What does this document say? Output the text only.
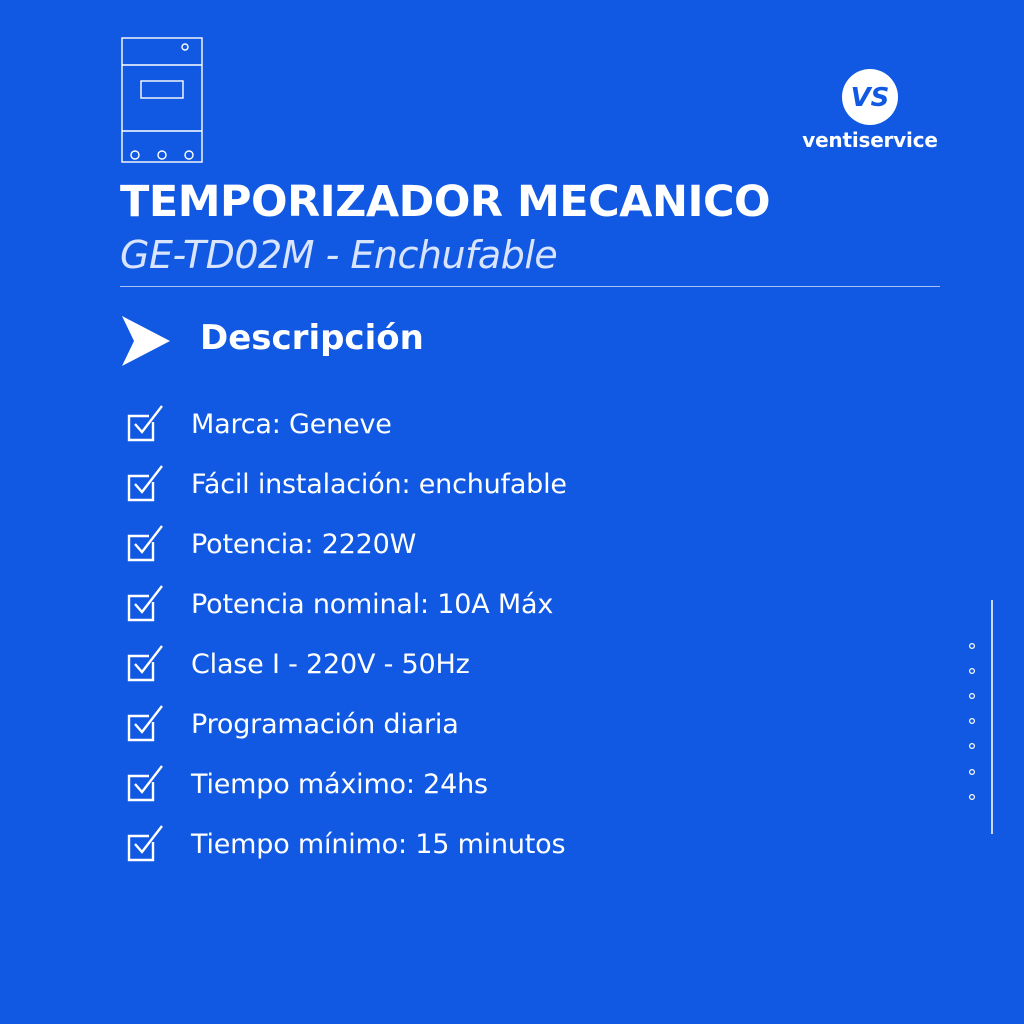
VS
ventiservice
TEMPORIZADOR MECANICO
GE-TD02M - Enchufable
Descripción
Marca: Geneve
Fácil instalación: enchufable
Potencia: 2220W
Potencia nominal: 10A Máx
Clase I - 220V - 50Hz
Programación diaria
Tiempo máximo: 24hs
Tiempo mínimo: 15 minutos
